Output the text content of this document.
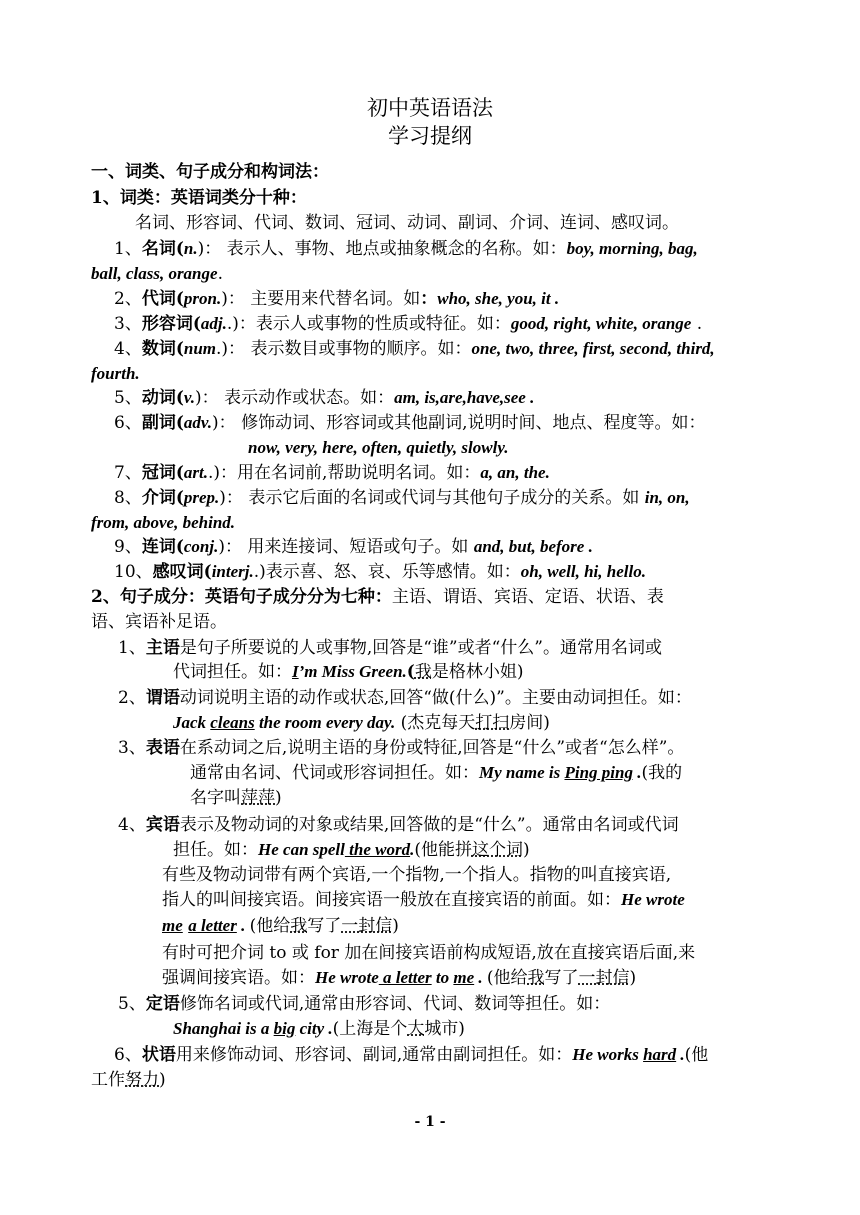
初中英语语法
学习提纲
一、词类、句子成分和构词法：
1、词类：英语词类分十种：
名词、形容词、代词、数词、冠词、动词、副词、介词、连词、感叹词。
1、名词(n.)： 表示人、事物、地点或抽象概念的名称。如：boy, morning, bag,
ball, class, orange.
2、代词(pron.)： 主要用来代替名词。如：who, she, you, it .
3、形容词(adj..)：表示人或事物的性质或特征。如：good, right, white, orange .
4、数词(num.)： 表示数目或事物的顺序。如：one, two, three, first, second, third,
fourth.
5、动词(v.)： 表示动作或状态。如：am, is,are,have,see .
6、副词(adv.)： 修饰动词、形容词或其他副词,说明时间、地点、程度等。如：
now, very, here, often, quietly, slowly.
7、冠词(art..)：用在名词前,帮助说明名词。如：a, an, the.
8、介词(prep.)： 表示它后面的名词或代词与其他句子成分的关系。如 in, on,
from, above, behind.
9、连词(conj.)： 用来连接词、短语或句子。如 and, but, before .
10、感叹词(interj..)表示喜、怒、哀、乐等感情。如：oh, well, hi, hello.
2、句子成分：英语句子成分分为七种：主语、谓语、宾语、定语、状语、表
语、宾语补足语。
1、主语是句子所要说的人或事物,回答是“谁”或者“什么”。通常用名词或
代词担任。如：I’m Miss Green.(我是格林小姐)
2、谓语动词说明主语的动作或状态,回答“做(什么)”。主要由动词担任。如：
Jack cleans the room every day. (杰克每天打扫房间)
3、表语在系动词之后,说明主语的身份或特征,回答是“什么”或者“怎么样”。
通常由名词、代词或形容词担任。如：My name is Ping ping .(我的
名字叫萍萍)
4、宾语表示及物动词的对象或结果,回答做的是“什么”。通常由名词或代词
担任。如：He can spell the word.(他能拼这个词)
有些及物动词带有两个宾语,一个指物,一个指人。指物的叫直接宾语,
指人的叫间接宾语。间接宾语一般放在直接宾语的前面。如：He wrote
me a letter . (他给我写了一封信)
有时可把介词 to 或 for 加在间接宾语前构成短语,放在直接宾语后面,来
强调间接宾语。如：He wrote a letter to me . (他给我写了一封信)
5、定语修饰名词或代词,通常由形容词、代词、数词等担任。如：
Shanghai is a big city .(上海是个大城市)
6、状语用来修饰动词、形容词、副词,通常由副词担任。如：He works hard .(他
工作努力)
- 1 -
